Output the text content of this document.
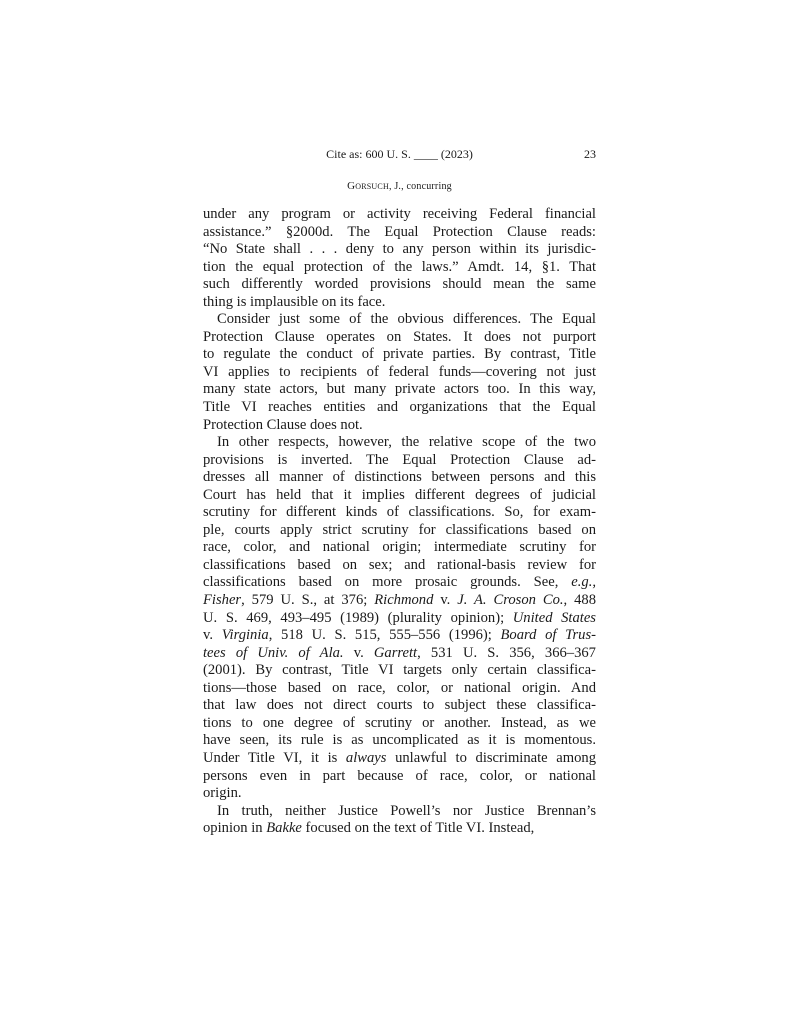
Cite as: 600 U. S. ____ (2023)	23
Gorsuch, J., concurring

under any program or activity receiving Federal financial
assistance.” §2000d. The Equal Protection Clause reads:
“No State shall . . . deny to any person within its jurisdic-
tion the equal protection of the laws.” Amdt. 14, §1. That
such differently worded provisions should mean the same
thing is implausible on its face.

Consider just some of the obvious differences. The Equal
Protection Clause operates on States. It does not purport
to regulate the conduct of private parties. By contrast, Title
VI applies to recipients of federal funds—covering not just
many state actors, but many private actors too. In this way,
Title VI reaches entities and organizations that the Equal
Protection Clause does not.

In other respects, however, the relative scope of the two
provisions is inverted. The Equal Protection Clause ad-
dresses all manner of distinctions between persons and this
Court has held that it implies different degrees of judicial
scrutiny for different kinds of classifications. So, for exam-
ple, courts apply strict scrutiny for classifications based on
race, color, and national origin; intermediate scrutiny for
classifications based on sex; and rational-basis review for
classifications based on more prosaic grounds. See, e.g.,
Fisher, 579 U. S., at 376; Richmond v. J. A. Croson Co., 488
U. S. 469, 493–495 (1989) (plurality opinion); United States
v. Virginia, 518 U. S. 515, 555–556 (1996); Board of Trus-
tees of Univ. of Ala. v. Garrett, 531 U. S. 356, 366–367
(2001). By contrast, Title VI targets only certain classifica-
tions—those based on race, color, or national origin. And
that law does not direct courts to subject these classifica-
tions to one degree of scrutiny or another. Instead, as we
have seen, its rule is as uncomplicated as it is momentous.
Under Title VI, it is always unlawful to discriminate among
persons even in part because of race, color, or national
origin.

In truth, neither Justice Powell’s nor Justice Brennan’s
opinion in Bakke focused on the text of Title VI. Instead,
